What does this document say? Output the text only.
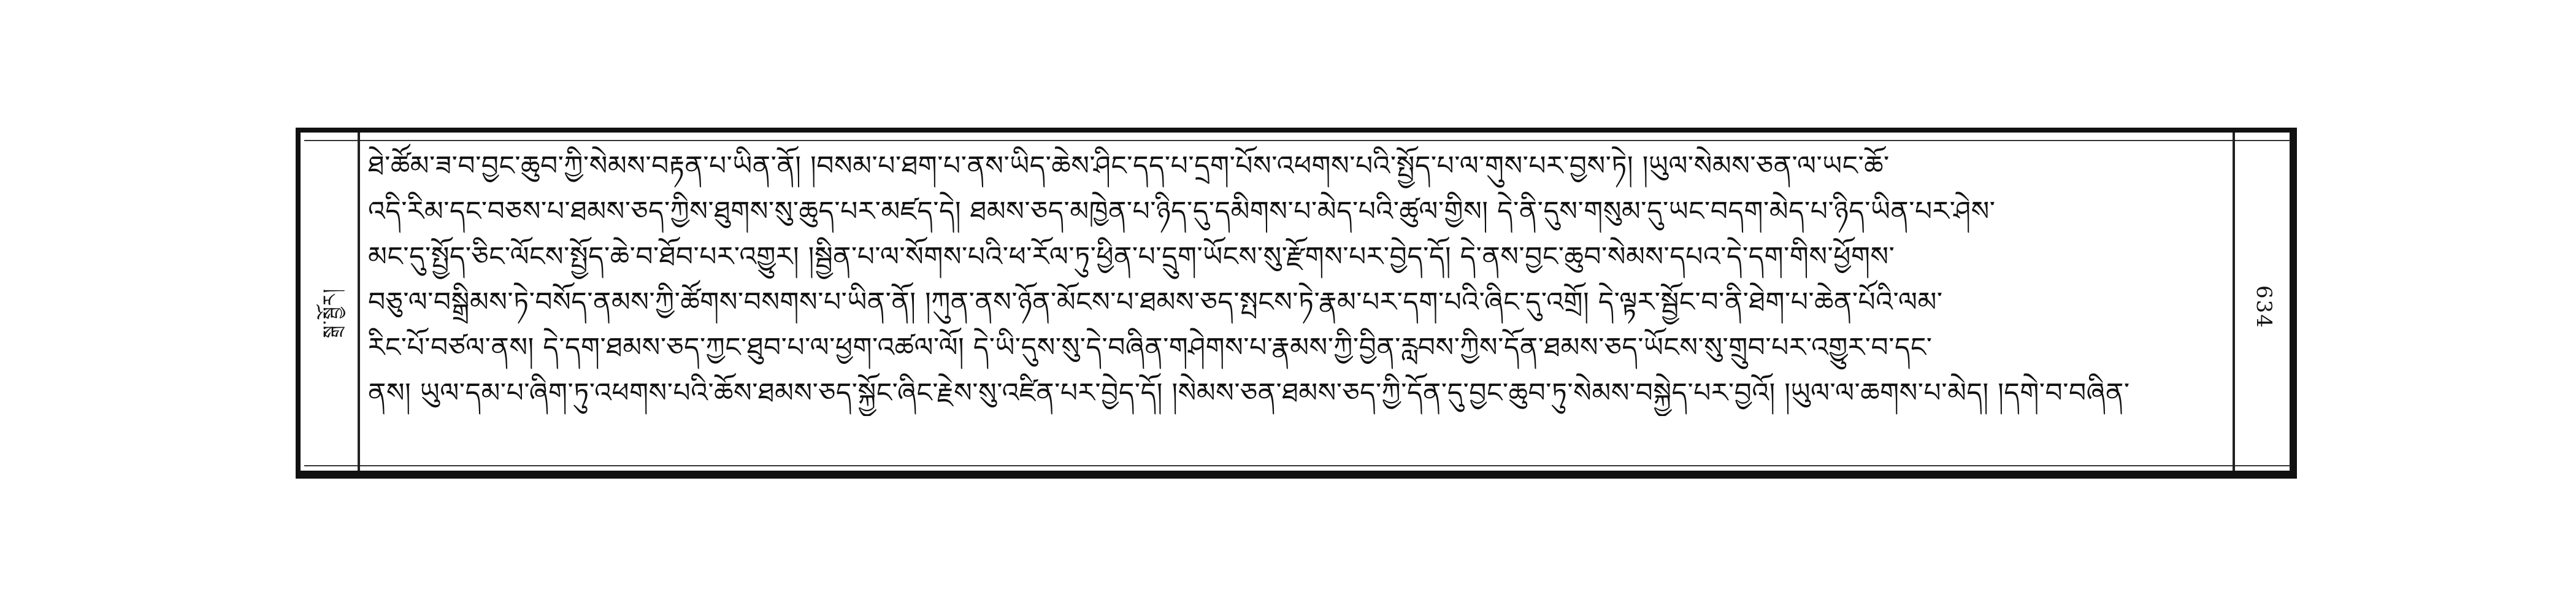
སྒྲ་སྦྱོར།	634
ཐེ་ཚོམ་ཟ་བ་བྱང་ཆུབ་ཀྱི་སེམས་བརྟན་པ་ཡིན་ནོ། །བསམ་པ་ཐག་པ་ནས་ཡིད་ཆེས་ཤིང་དད་པ་དྲག་པོས་འཕགས་པའི་སྤྱོད་པ་ལ་གུས་པར་བྱས་ཏེ། །ཡུལ་སེམས་ཅན་ལ་ཡང་ཆོ་
འདི་རིམ་དང་བཅས་པ་ཐམས་ཅད་ཀྱིས་ཐུགས་སུ་ཆུད་པར་མཛད་དེ། ཐམས་ཅད་མཁྱེན་པ་ཉིད་དུ་དམིགས་པ་མེད་པའི་ཚུལ་གྱིས། དེ་ནི་དུས་གསུམ་དུ་ཡང་བདག་མེད་པ་ཉིད་ཡིན་པར་ཤེས་
མང་དུ་སྤྱོད་ཅིང་ལོངས་སྤྱོད་ཆེ་བ་ཐོབ་པར་འགྱུར། །སྦྱིན་པ་ལ་སོགས་པའི་ཕ་རོལ་ཏུ་ཕྱིན་པ་དྲུག་ཡོངས་སུ་རྫོགས་པར་བྱེད་དོ། དེ་ནས་བྱང་ཆུབ་སེམས་དཔའ་དེ་དག་གིས་ཕྱོགས་
བཅུ་ལ་བསྒྲིམས་ཏེ་བསོད་ནམས་ཀྱི་ཚོགས་བསགས་པ་ཡིན་ནོ། །ཀུན་ནས་ཉོན་མོངས་པ་ཐམས་ཅད་སྤངས་ཏེ་རྣམ་པར་དག་པའི་ཞིང་དུ་འགྲོ། དེ་ལྟར་སྦྱོང་བ་ནི་ཐེག་པ་ཆེན་པོའི་ལམ་
རིང་པོ་བཙལ་ནས། དེ་དག་ཐམས་ཅད་ཀྱང་ཐུབ་པ་ལ་ཕྱག་འཚལ་ལོ། དེ་ཡི་དུས་སུ་དེ་བཞིན་གཤེགས་པ་རྣམས་ཀྱི་བྱིན་རླབས་ཀྱིས་དོན་ཐམས་ཅད་ཡོངས་སུ་གྲུབ་པར་འགྱུར་བ་དང་
ནས། ཡུལ་དམ་པ་ཞིག་ཏུ་འཕགས་པའི་ཆོས་ཐམས་ཅད་སྐྱོང་ཞིང་རྗེས་སུ་འཛིན་པར་བྱེད་དོ། །སེམས་ཅན་ཐམས་ཅད་ཀྱི་དོན་དུ་བྱང་ཆུབ་ཏུ་སེམས་བསྐྱེད་པར་བྱའོ། །ཡུལ་ལ་ཆགས་པ་མེད། །དགེ་བ་བཞིན་
